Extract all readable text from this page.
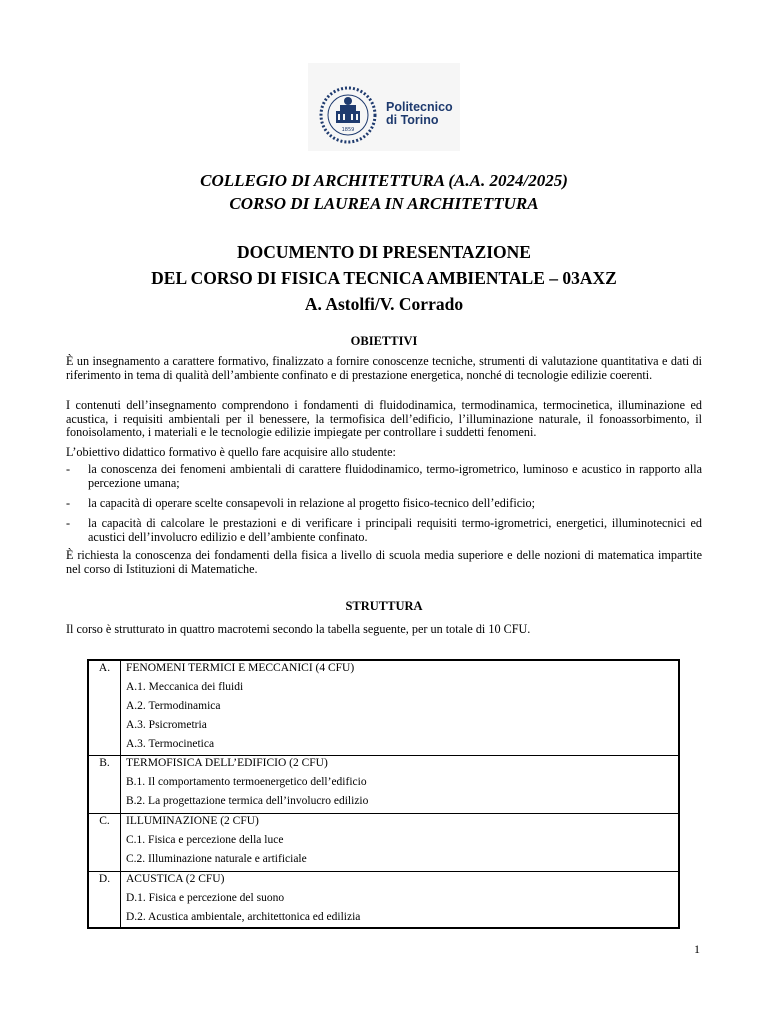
1859
Politecnico
di Torino
COLLEGIO DI ARCHITETTURA (A.A. 2024/2025)
CORSO DI LAUREA IN ARCHITETTURA
DOCUMENTO DI PRESENTAZIONE
DEL CORSO DI FISICA TECNICA AMBIENTALE – 03AXZ
A. Astolfi/V. Corrado
OBIETTIVI

È un insegnamento a carattere formativo, finalizzato a fornire conoscenze tecniche, strumenti di valutazione quantitativa e dati di riferimento in tema di qualità dell’ambiente confinato e di prestazione energetica, nonché di tecnologie edilizie coerenti.

I contenuti dell’insegnamento comprendono i fondamenti di fluidodinamica, termodinamica, termocinetica, illuminazione ed acustica, i requisiti ambientali per il benessere, la termofisica dell’edificio, l’illuminazione naturale, il fonoassorbimento, il fonoisolamento, i materiali e le tecnologie edilizie impiegate per controllare i suddetti fenomeni.

L’obiettivo didattico formativo è quello fare acquisire allo studente:

- la conoscenza dei fenomeni ambientali di carattere fluidodinamico, termo-igrometrico, luminoso e acustico in rapporto alla percezione umana;
- la capacità di operare scelte consapevoli in relazione al progetto fisico-tecnico dell’edificio;
- la capacità di calcolare le prestazioni e di verificare i principali requisiti termo-igrometrici, energetici, illuminotecnici ed acustici dell’involucro edilizio e dell’ambiente confinato.

È richiesta la conoscenza dei fondamenti della fisica a livello di scuola media superiore e delle nozioni di matematica impartite nel corso di Istituzioni di Matematiche.

STRUTTURA

Il corso è strutturato in quattro macrotemi secondo la tabella seguente, per un totale di 10 CFU.

A.	FENOMENI TERMICI E MECCANICI (4 CFU)
A.1. Meccanica dei fluidi
A.2. Termodinamica
A.3. Psicrometria
A.3. Termocinetica
B.	TERMOFISICA DELL’EDIFICIO (2 CFU)
B.1. Il comportamento termoenergetico dell’edificio
B.2. La progettazione termica dell’involucro edilizio
C.	ILLUMINAZIONE (2 CFU)
C.1. Fisica e percezione della luce
C.2. Illuminazione naturale e artificiale
D.	ACUSTICA (2 CFU)
D.1. Fisica e percezione del suono
D.2. Acustica ambientale, architettonica ed edilizia
1
